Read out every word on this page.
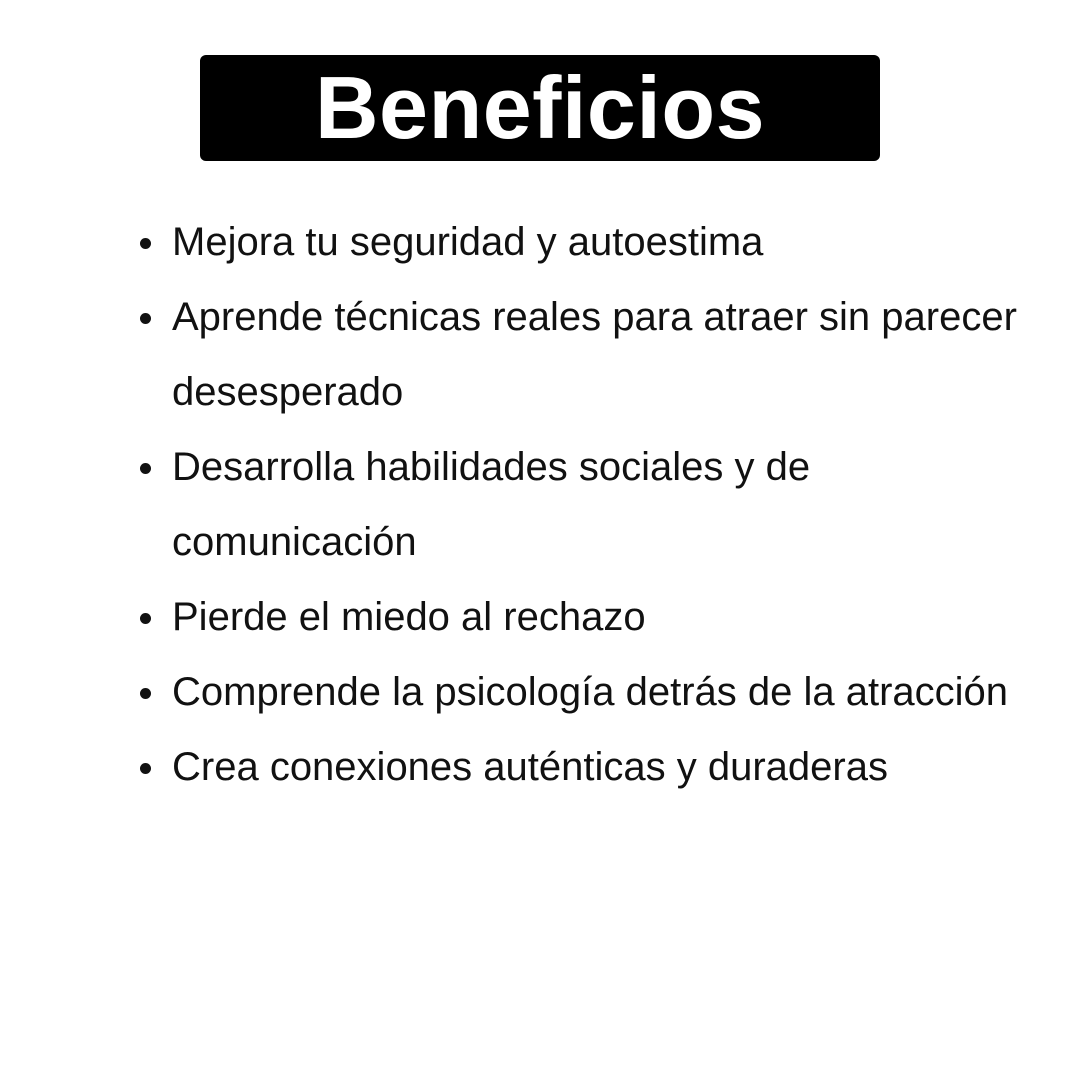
Beneficios
Mejora tu seguridad y autoestima
Aprende técnicas reales para atraer sin parecer desesperado
Desarrolla habilidades sociales y de comunicación
Pierde el miedo al rechazo
Comprende la psicología detrás de la atracción
Crea conexiones auténticas y duraderas
